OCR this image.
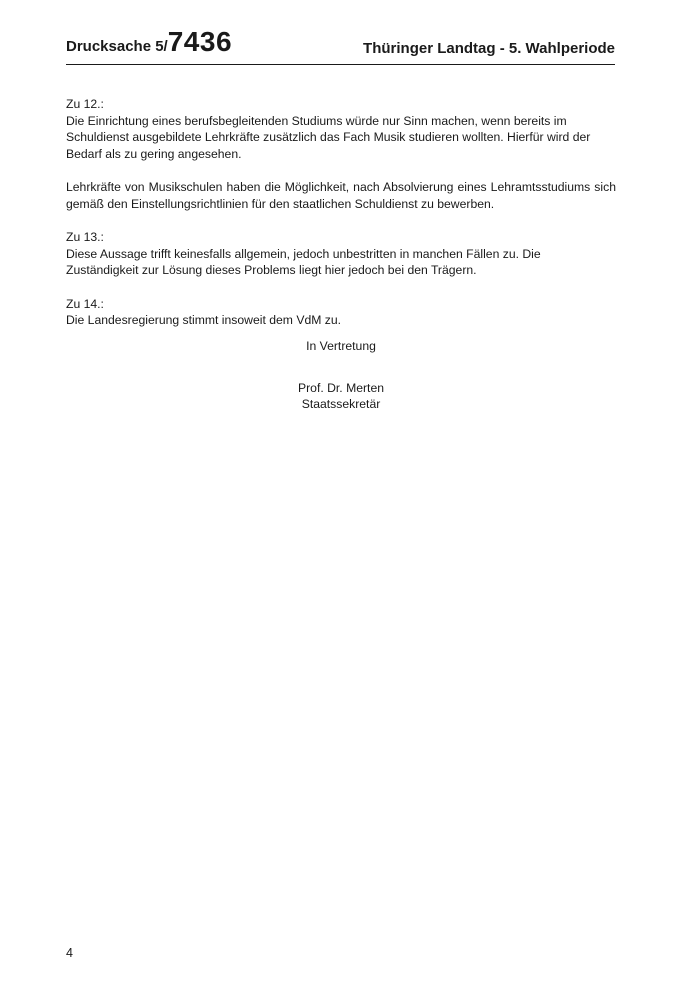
Drucksache 5/7436	Thüringer Landtag - 5. Wahlperiode

Zu 12.:
Die Einrichtung eines berufsbegleitenden Studiums würde nur Sinn machen, wenn bereits im Schuldienst ausgebildete Lehrkräfte zusätzlich das Fach Musik studieren wollten. Hierfür wird der Bedarf als zu gering angesehen.

Lehrkräfte von Musikschulen haben die Möglichkeit, nach Absolvierung eines Lehramtsstudiums sich gemäß den Einstellungsrichtlinien für den staatlichen Schuldienst zu bewerben.

Zu 13.:
Diese Aussage trifft keinesfalls allgemein, jedoch unbestritten in manchen Fällen zu. Die Zuständigkeit zur Lösung dieses Problems liegt hier jedoch bei den Trägern.

Zu 14.:
Die Landesregierung stimmt insoweit dem VdM zu.

In Vertretung
Prof. Dr. Merten
Staatssekretär
4
